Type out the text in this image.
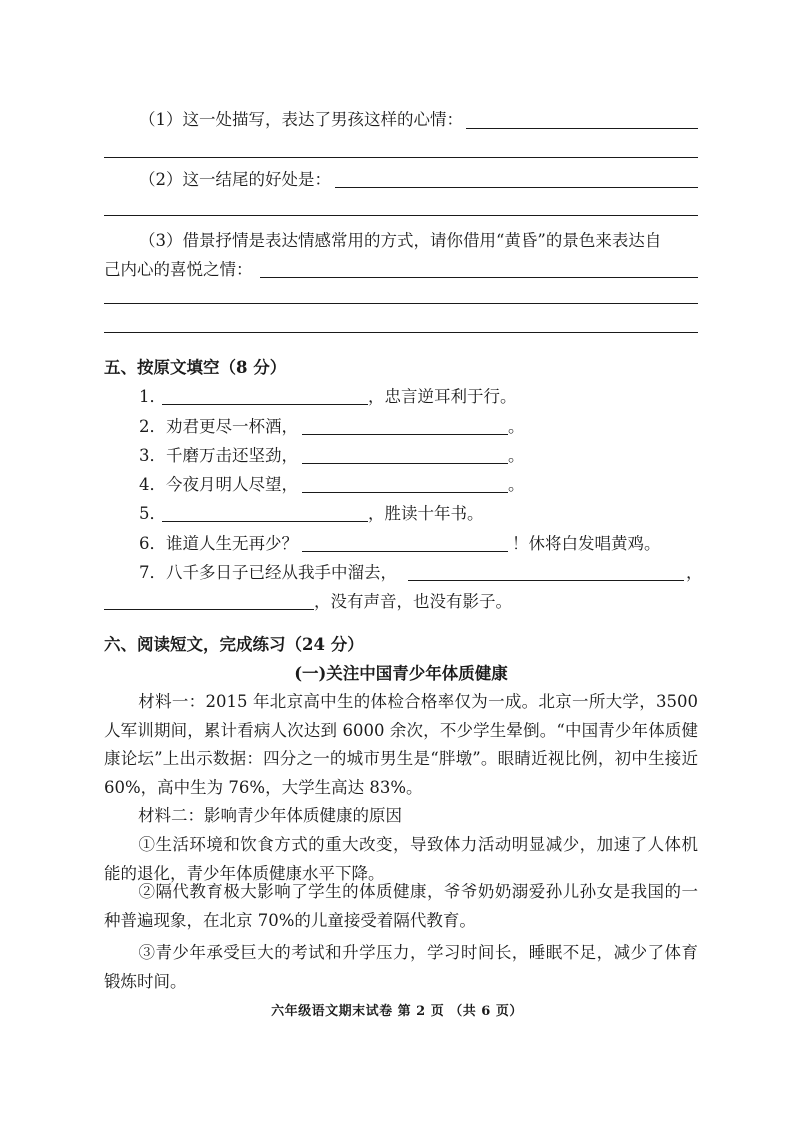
（1）这一处描写，表达了男孩这样的心情：
（2）这一结尾的好处是：
（3）借景抒情是表达情感常用的方式，请你借用“黄昏”的景色来表达自
己内心的喜悦之情：
五、按原文填空（8 分）
1．	，忠言逆耳利于行。
2．劝君更尽一杯酒，	。
3．千磨万击还坚劲，	。
4．今夜月明人尽望，	。
5．	，胜读十年书。
6．谁道人生无再少？	！休将白发唱黄鸡。
7．八千多日子已经从我手中溜去，	，
，没有声音，也没有影子。
六、阅读短文，完成练习（24 分）
(一)关注中国青少年体质健康
材料一：2015 年北京高中生的体检合格率仅为一成。北京一所大学，3500 人军训期间，累计看病人次达到 6000 余次，不少学生晕倒。“中国青少年体质健康论坛”上出示数据：四分之一的城市男生是“胖墩”。眼睛近视比例，初中生接近 60%，高中生为 76%，大学生高达 83%。
材料二：影响青少年体质健康的原因
①生活环境和饮食方式的重大改变，导致体力活动明显减少，加速了人体机能的退化，青少年体质健康水平下降。
②隔代教育极大影响了学生的体质健康，爷爷奶奶溺爱孙儿孙女是我国的一种普遍现象，在北京 70%的儿童接受着隔代教育。
③青少年承受巨大的考试和升学压力，学习时间长，睡眠不足，减少了体育锻炼时间。
六年级语文期末试卷 第 2 页 （共 6 页）
